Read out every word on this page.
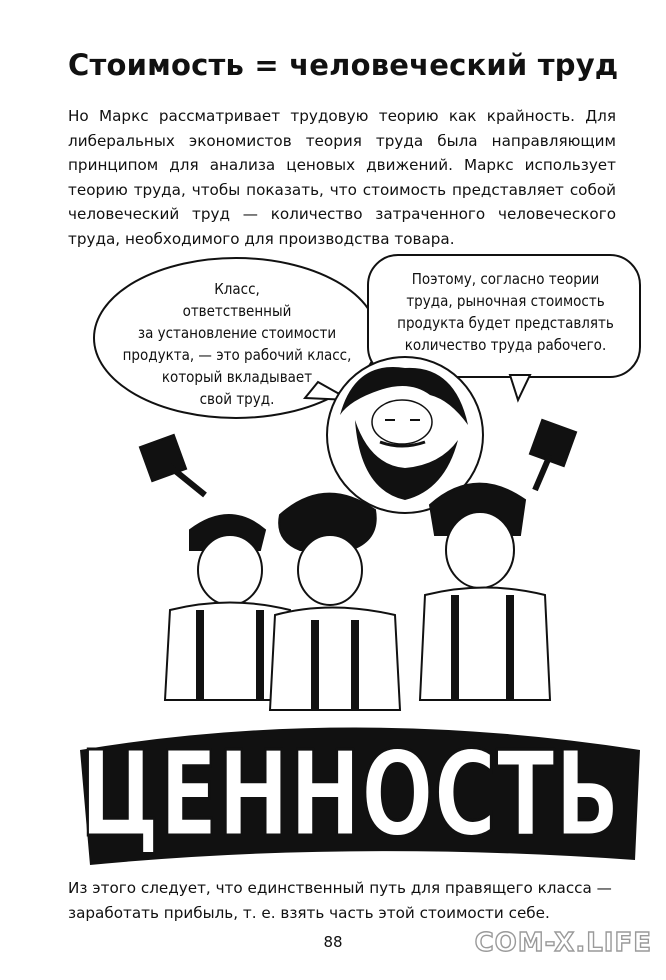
Стоимость = человеческий труд
Но Маркс рассматривает трудовую теорию как крайность. Для либеральных экономистов теория труда была направляющим принципом для анализа ценовых движений. Маркс использует теорию труда, чтобы показать, что стоимость представляет собой человеческий труд — количество затраченного человеческого труда, необходимого для производства товара.
ЦЕННОСТЬ
Класс,
ответственный
за установление стоимости
продукта, — это рабочий класс,
который вкладывает
свой труд.
Поэтому, согласно теории
труда, рыночная стоимость
продукта будет представлять
количество труда рабочего.
Из этого следует, что единственный путь для правящего класса — заработать прибыль, т. е. взять часть этой стоимости себе.
88	COM-X.LIFE
